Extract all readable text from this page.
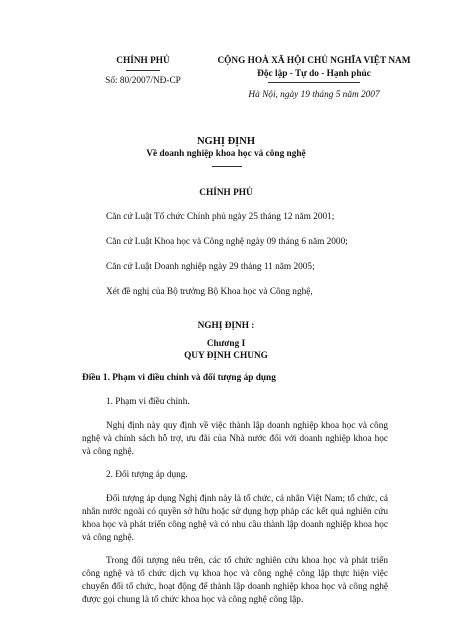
CHÍNH PHỦ
Số: 80/2007/NĐ-CP
CỘNG HOÀ XÃ HỘI CHỦ NGHĨA VIỆT NAM
Độc lập - Tự do - Hạnh phúc
Hà Nội, ngày 19 tháng 5 năm 2007
NGHỊ ĐỊNH
Về doanh nghiệp khoa học và công nghệ
CHÍNH PHỦ
Căn cứ Luật Tổ chức Chính phủ ngày 25 tháng 12 năm 2001;
Căn cứ Luật Khoa học và Công nghệ ngày 09 tháng 6 năm 2000;
Căn cứ Luật Doanh nghiệp ngày 29 tháng 11 năm 2005;
Xét đề nghị của Bộ trưởng Bộ Khoa học và Công nghệ,
NGHỊ ĐỊNH :
Chương I
QUY ĐỊNH CHUNG
Điều 1. Phạm vi điều chỉnh và đối tượng áp dụng
1. Phạm vi điều chỉnh.
Nghị định này quy định về việc thành lập doanh nghiệp khoa học và công nghệ và chính sách hỗ trợ, ưu đãi của Nhà nước đối với doanh nghiệp khoa học và công nghệ.
2. Đối tượng áp dụng.
Đối tượng áp dụng Nghị định này là tổ chức, cá nhân Việt Nam; tổ chức, cá nhân nước ngoài có quyền sở hữu hoặc sử dụng hợp pháp các kết quả nghiên cứu khoa học và phát triển công nghệ và có nhu cầu thành lập doanh nghiệp khoa học và công nghệ.
Trong đối tượng nêu trên, các tổ chức nghiên cứu khoa học và phát triển công nghệ và tổ chức dịch vụ khoa học và công nghệ công lập thực hiện việc chuyển đổi tổ chức, hoạt động để thành lập doanh nghiệp khoa học và công nghệ được gọi chung là tổ chức khoa học và công nghệ công lập.
